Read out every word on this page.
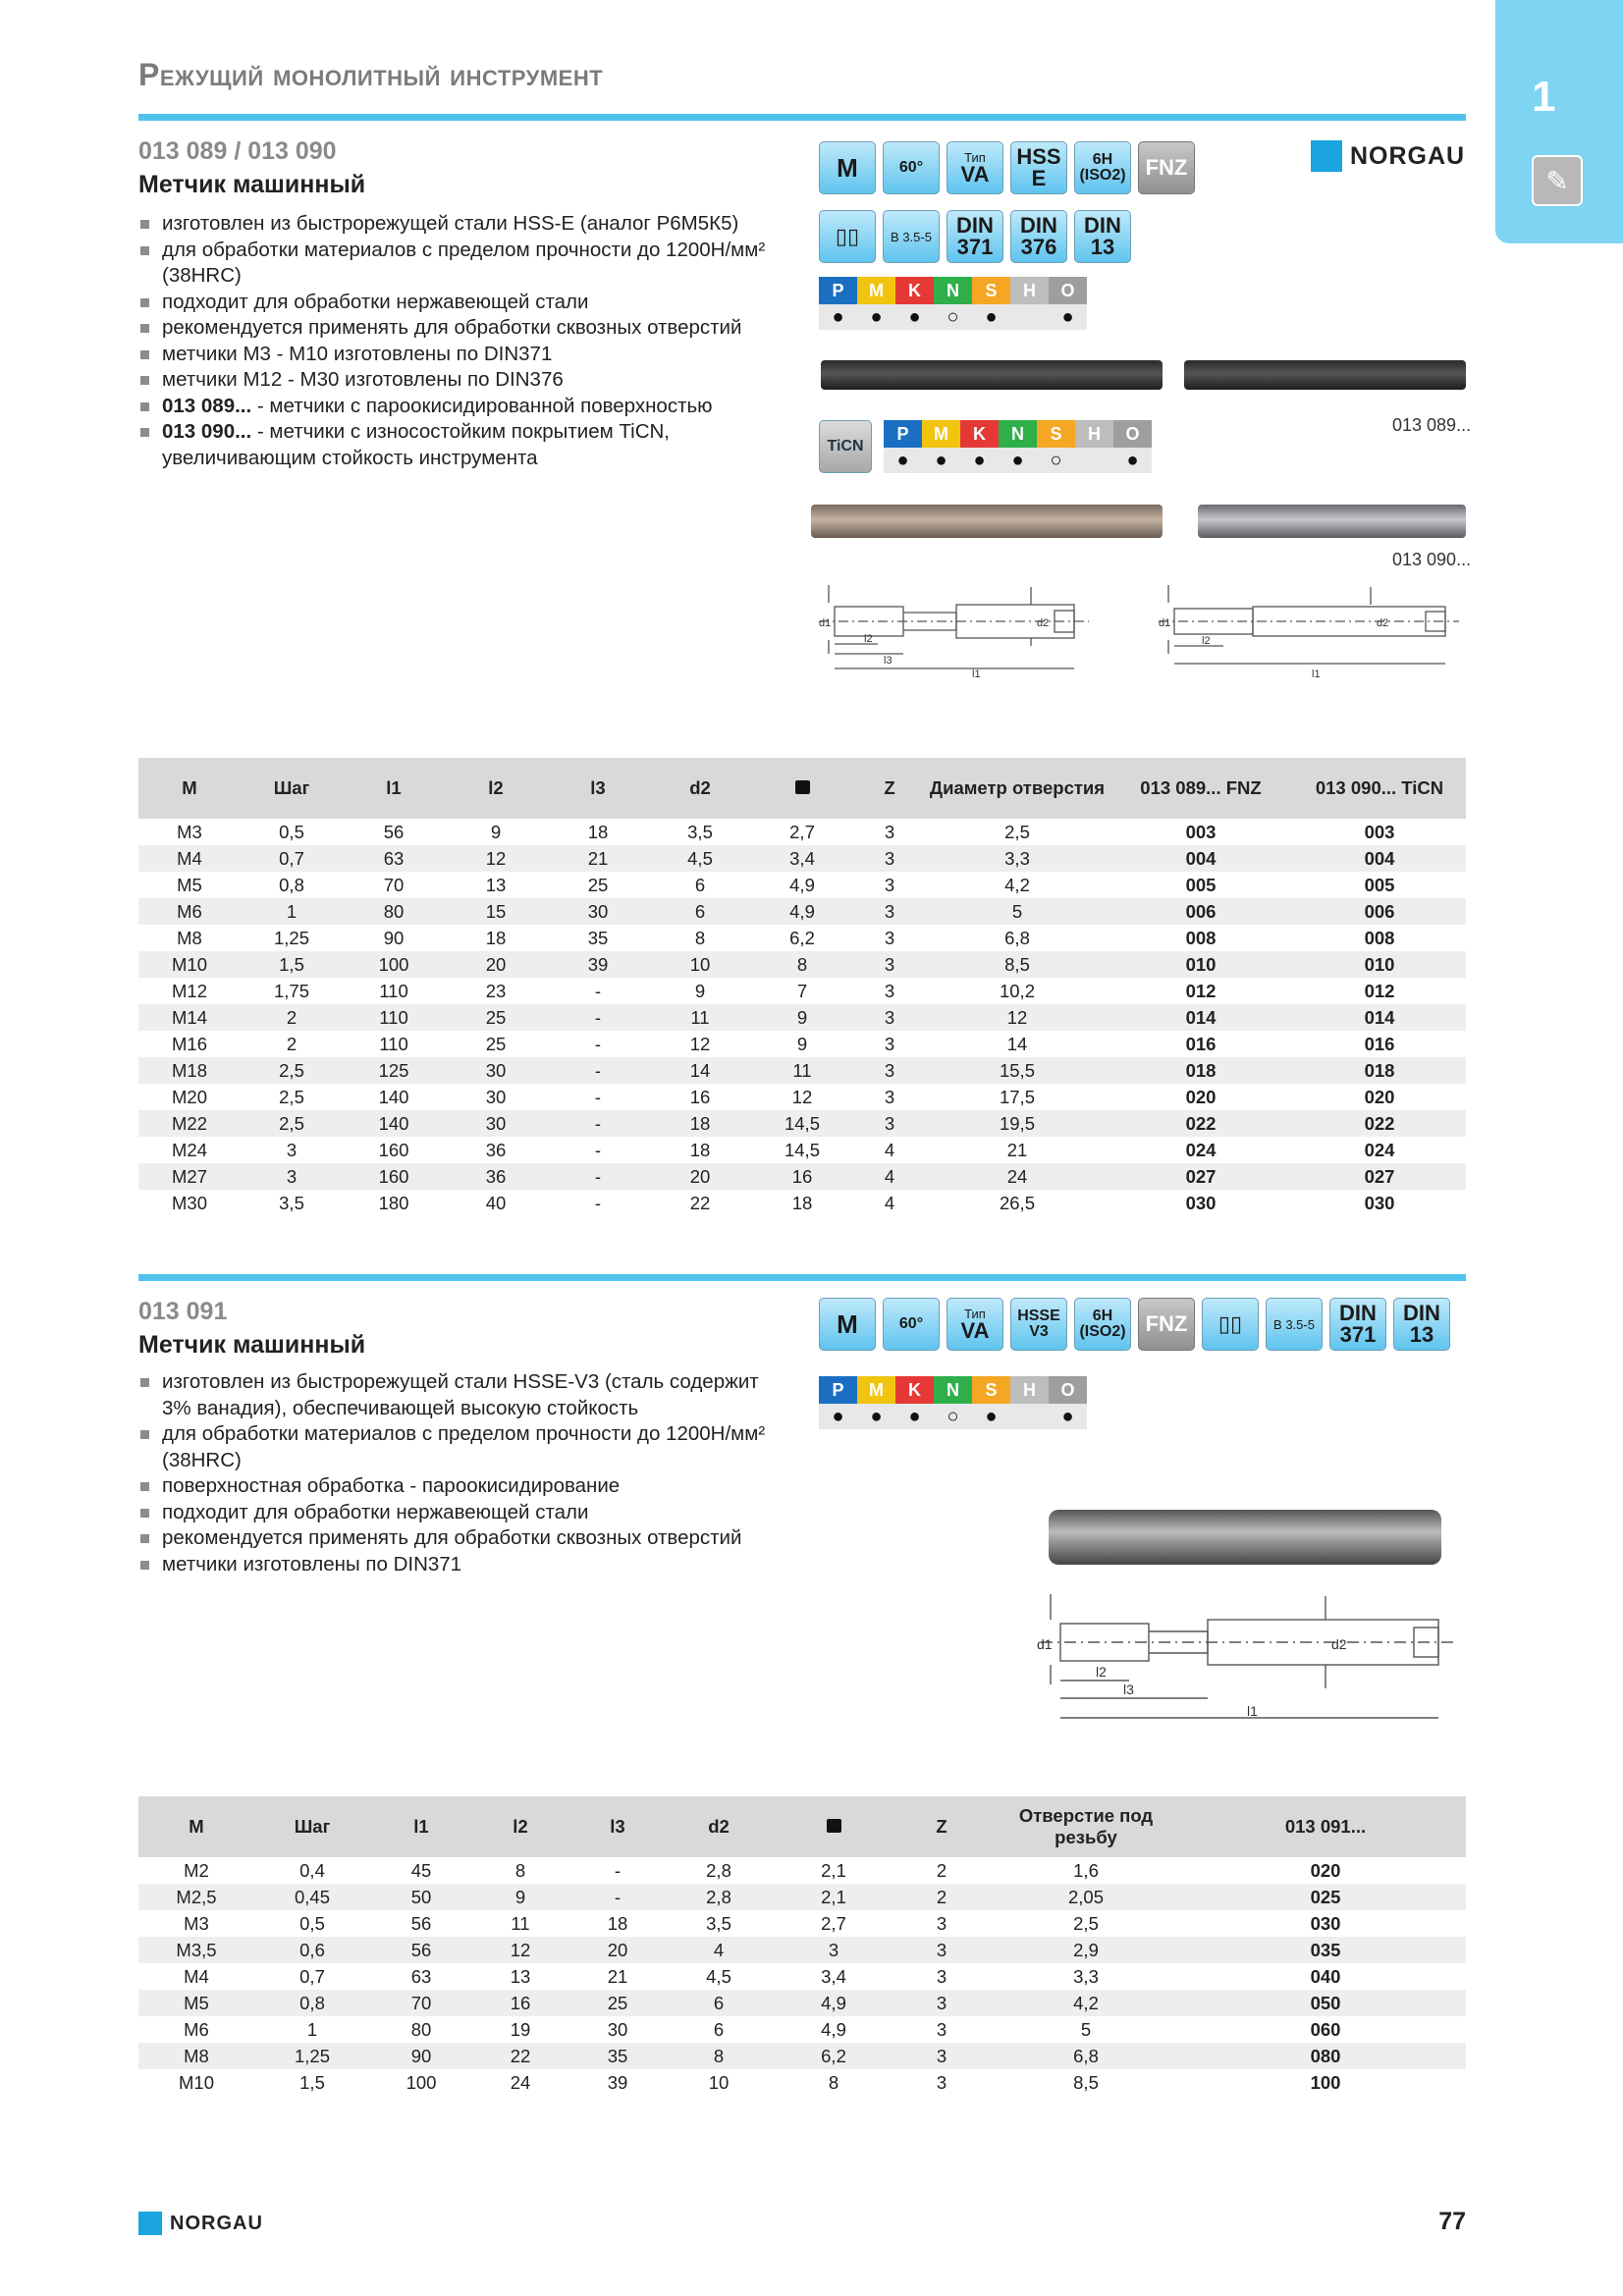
Режущий монолитный инструмент	1
✎
NORGAU
013 089 / 013 090
Метчик машинный
изготовлен из быстрорежущей стали HSS-E (аналог Р6М5К5)
для обработки материалов с пределом прочности до 1200Н/мм² (38HRC)
подходит для обработки нержавеющей стали
рекомендуется применять для обработки сквозных отверстий
метчики М3 - М10 изготовлены по DIN371
метчики М12 - М30 изготовлены по DIN376
013 089... - метчики с пароокисидированной поверхностью
013 090... - метчики с износостойким покрытием TiCN, увеличивающим стойкость инструмента
M	60°
Тип
VA
HSS
E
6H
(ISO2) FNZ
▯▯ B 3.5-5 DIN
371
DIN
376
DIN
13
P	M	K	N	S	H	O
●	●	●	○	●		●
013 089...
TiCN
P	M	K	N	S	H	O
●	●	●	●	○		●
013 090...
d1	d2
l2
l3
l1
d1	d2
l2
l1
M	Шаг	l1	l2	l3	d2		Z	Диаметр отверстия	013 089... FNZ	013 090... TiCN
M3	0,5	56	9	18	3,5	2,7	3	2,5	003	003
M4	0,7	63	12	21	4,5	3,4	3	3,3	004	004
M5	0,8	70	13	25	6	4,9	3	4,2	005	005
M6	1	80	15	30	6	4,9	3	5	006	006
M8	1,25	90	18	35	8	6,2	3	6,8	008	008
M10	1,5	100	20	39	10	8	3	8,5	010	010
M12	1,75	110	23	-	9	7	3	10,2	012	012
M14	2	110	25	-	11	9	3	12	014	014
M16	2	110	25	-	12	9	3	14	016	016
M18	2,5	125	30	-	14	11	3	15,5	018	018
M20	2,5	140	30	-	16	12	3	17,5	020	020
M22	2,5	140	30	-	18	14,5	3	19,5	022	022
M24	3	160	36	-	18	14,5	4	21	024	024
M27	3	160	36	-	20	16	4	24	027	027
M30	3,5	180	40	-	22	18	4	26,5	030	030
013 091
Метчик машинный
изготовлен из быстрорежущей стали HSSE-V3 (сталь содержит 3% ванадия), обеспечивающей высокую стойкость
для обработки материалов с пределом прочности до 1200Н/мм² (38HRC)
поверхностная обработка - пароокисидирование
подходит для обработки нержавеющей стали
рекомендуется применять для обработки сквозных отверстий
метчики изготовлены по DIN371
M	60°
Тип
VA
HSSE
V3
6H
(ISO2) FNZ ▯▯ B 3.5-5 DIN
371
DIN
13
P	M	K	N	S	H	O
●	●	●	○	●		●
d1	d2
l2
l3
l1
M	Шаг	l1	l2	l3	d2		Z	Отверстие под резьбу	013 091...
M2	0,4	45	8	-	2,8	2,1	2	1,6	020
M2,5	0,45	50	9	-	2,8	2,1	2	2,05	025
M3	0,5	56	11	18	3,5	2,7	3	2,5	030
M3,5	0,6	56	12	20	4	3	3	2,9	035
M4	0,7	63	13	21	4,5	3,4	3	3,3	040
M5	0,8	70	16	25	6	4,9	3	4,2	050
M6	1	80	19	30	6	4,9	3	5	060
M8	1,25	90	22	35	8	6,2	3	6,8	080
M10	1,5	100	24	39	10	8	3	8,5	100
NORGAU	77
